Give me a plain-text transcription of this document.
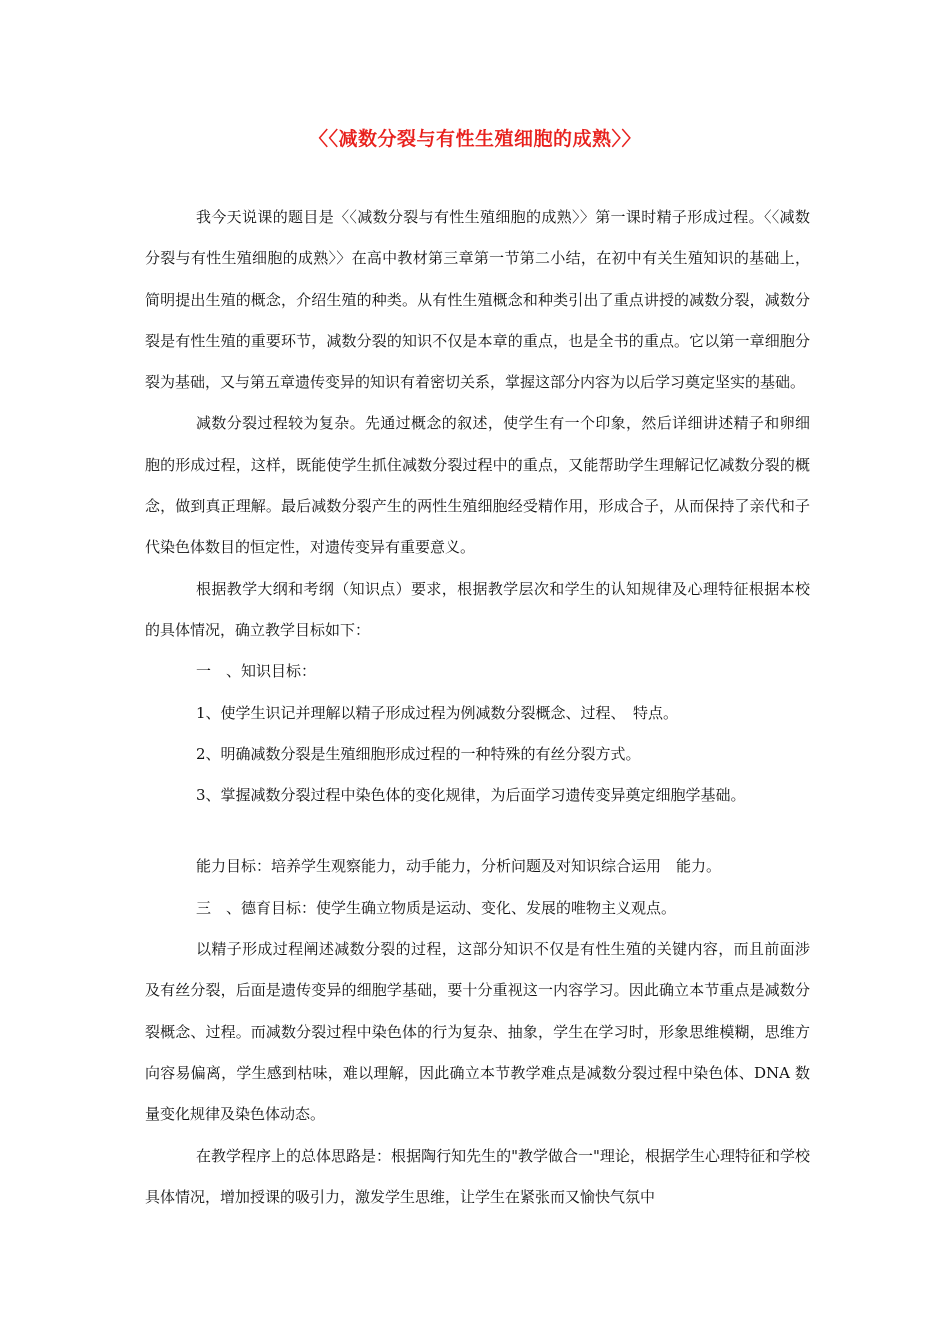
〈〈减数分裂与有性生殖细胞的成熟〉〉

我今天说课的题目是〈〈减数分裂与有性生殖细胞的成熟〉〉第一课时精子形成过程。〈〈减数分裂与有性生殖细胞的成熟〉〉在高中教材第三章第一节第二小结，在初中有关生殖知识的基础上，简明提出生殖的概念，介绍生殖的种类。从有性生殖概念和种类引出了重点讲授的减数分裂，减数分裂是有性生殖的重要环节，减数分裂的知识不仅是本章的重点，也是全书的重点。它以第一章细胞分裂为基础，又与第五章遗传变异的知识有着密切关系，掌握这部分内容为以后学习奠定坚实的基础。

减数分裂过程较为复杂。先通过概念的叙述，使学生有一个印象，然后详细讲述精子和卵细胞的形成过程，这样，既能使学生抓住减数分裂过程中的重点，又能帮助学生理解记忆减数分裂的概念，做到真正理解。最后减数分裂产生的两性生殖细胞经受精作用，形成合子，从而保持了亲代和子代染色体数目的恒定性，对遗传变异有重要意义。

根据教学大纲和考纲（知识点）要求，根据教学层次和学生的认知规律及心理特征根据本校的具体情况，确立教学目标如下：

一　、知识目标：

1、使学生识记并理解以精子形成过程为例减数分裂概念、过程、　特点。

2、明确减数分裂是生殖细胞形成过程的一种特殊的有丝分裂方式。

3、掌握减数分裂过程中染色体的变化规律，为后面学习遗传变异奠定细胞学基础。

能力目标：培养学生观察能力，动手能力，分析问题及对知识综合运用　能力。

三　、德育目标：使学生确立物质是运动、变化、发展的唯物主义观点。

以精子形成过程阐述减数分裂的过程，这部分知识不仅是有性生殖的关键内容，而且前面涉及有丝分裂，后面是遗传变异的细胞学基础，要十分重视这一内容学习。因此确立本节重点是减数分裂概念、过程。而减数分裂过程中染色体的行为复杂、抽象，学生在学习时，形象思维模糊，思维方向容易偏离，学生感到枯味，难以理解，因此确立本节教学难点是减数分裂过程中染色体、DNA 数量变化规律及染色体动态。

在教学程序上的总体思路是：根据陶行知先生的"教学做合一"理论，根据学生心理特征和学校具体情况，增加授课的吸引力，激发学生思维，让学生在紧张而又愉快气氛中
